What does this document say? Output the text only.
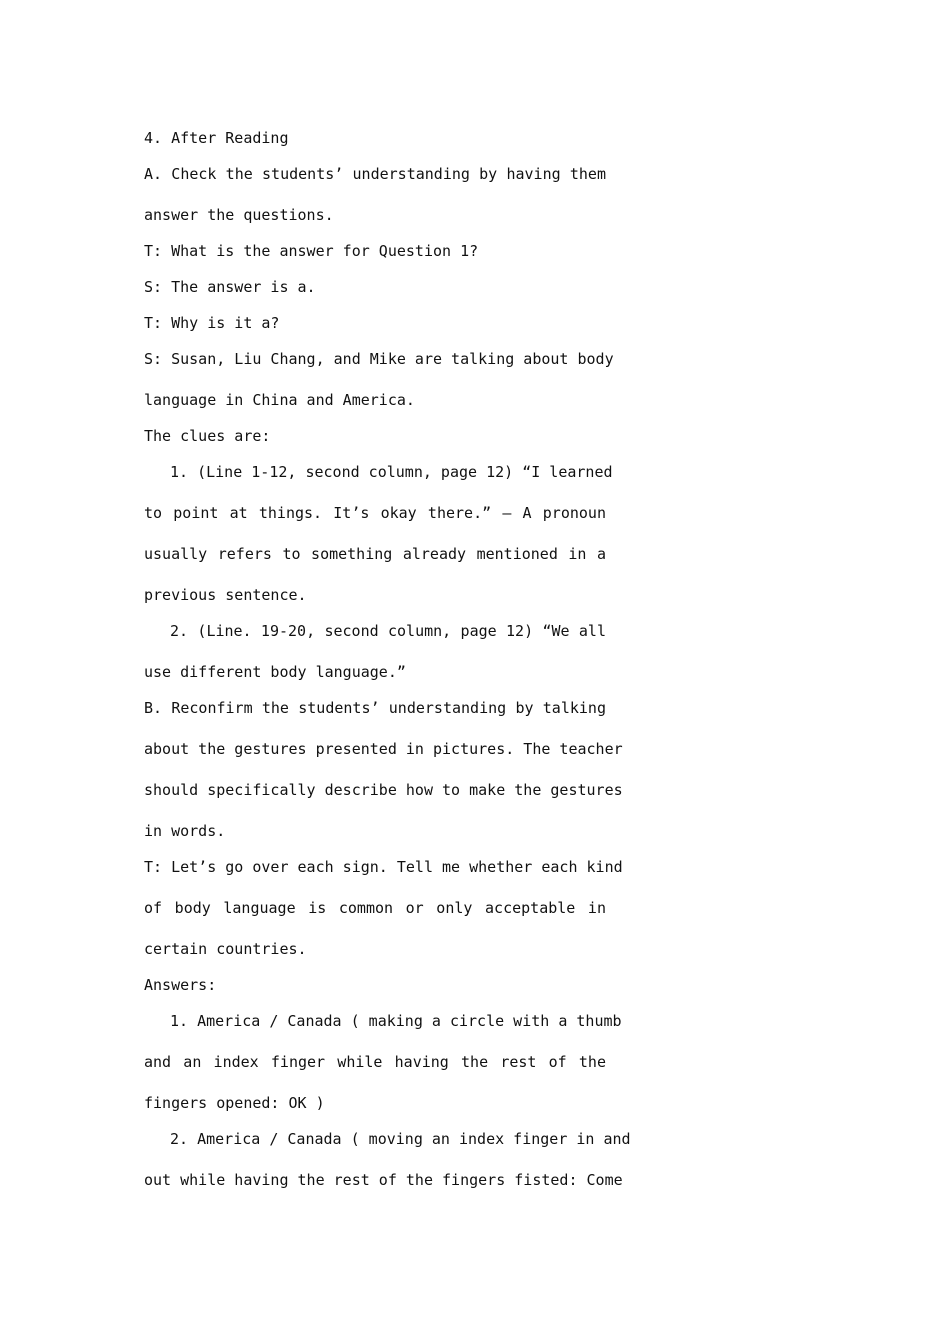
4. After Reading
A. Check the students’ understanding by having them
answer the questions.
T: What is the answer for Question 1?
S: The answer is a.
T: Why is it a?
S: Susan, Liu Chang, and Mike are talking about body
language in China and America.
The clues are:
1. (Line 1-12, second column, page 12) “I learned
to point at things. It’s okay there.” – A pronoun
usually refers to something already mentioned in a
previous sentence.
2. (Line. 19-20, second column, page 12) “We all
use different body language.”
B. Reconfirm the students’ understanding by talking
about the gestures presented in pictures. The teacher
should specifically describe how to make the gestures
in words.
T: Let’s go over each sign. Tell me whether each kind
of body language is common or only acceptable in
certain countries.
Answers:
1. America / Canada ( making a circle with a thumb
and an index finger while having the rest of the
fingers opened: OK )
2. America / Canada ( moving an index finger in and
out while having the rest of the fingers fisted: Come
